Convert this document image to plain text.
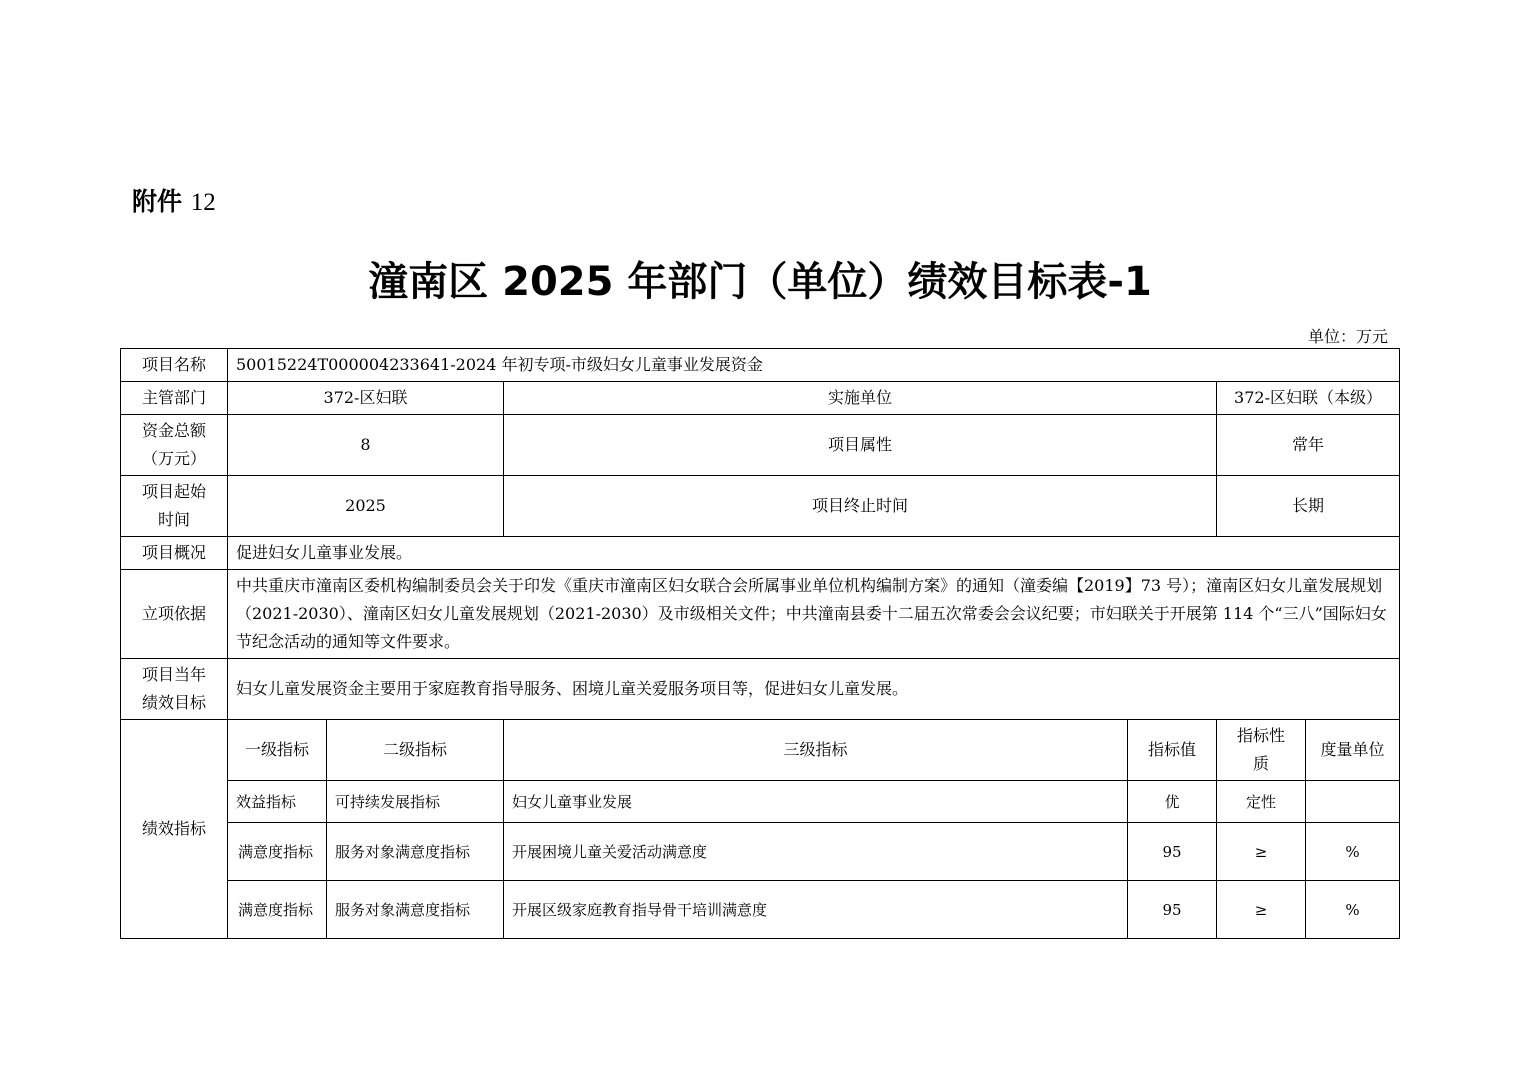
附件 12
潼南区 2025 年部门（单位）绩效目标表-1
单位：万元
项目名称	50015224T000004233641-2024 年初专项-市级妇女儿童事业发展资金					
主管部门	372-区妇联		实施单位		372-区妇联（本级）	

资金总额
（万元）	8		项目属性		常年	

项目起始
时间	2025		项目终止时间		长期	
项目概况	促进妇女儿童事业发展。					
立项依据	中共重庆市潼南区委机构编制委员会关于印发《重庆市潼南区妇女联合会所属事业单位机构编制方案》的通知（潼委编【2019】73 号）；潼南区妇女儿童发展规划（2021-2030）、潼南区妇女儿童发展规划（2021-2030）及市级相关文件；中共潼南县委十二届五次常委会会议纪要；市妇联关于开展第 114 个“三八”国际妇女节纪念活动的通知等文件要求。					

项目当年
绩效目标	妇女儿童发展资金主要用于家庭教育指导服务、困境儿童关爱服务项目等，促进妇女儿童发展。					
绩效指标	一级指标	二级指标	三级指标	指标值	指标性质	度量单位
	效益指标	可持续发展指标	妇女儿童事业发展	优	定性	
	满意度指标	服务对象满意度指标	开展困境儿童关爱活动满意度	95	≥	%
	满意度指标	服务对象满意度指标	开展区级家庭教育指导骨干培训满意度	95	≥	%
